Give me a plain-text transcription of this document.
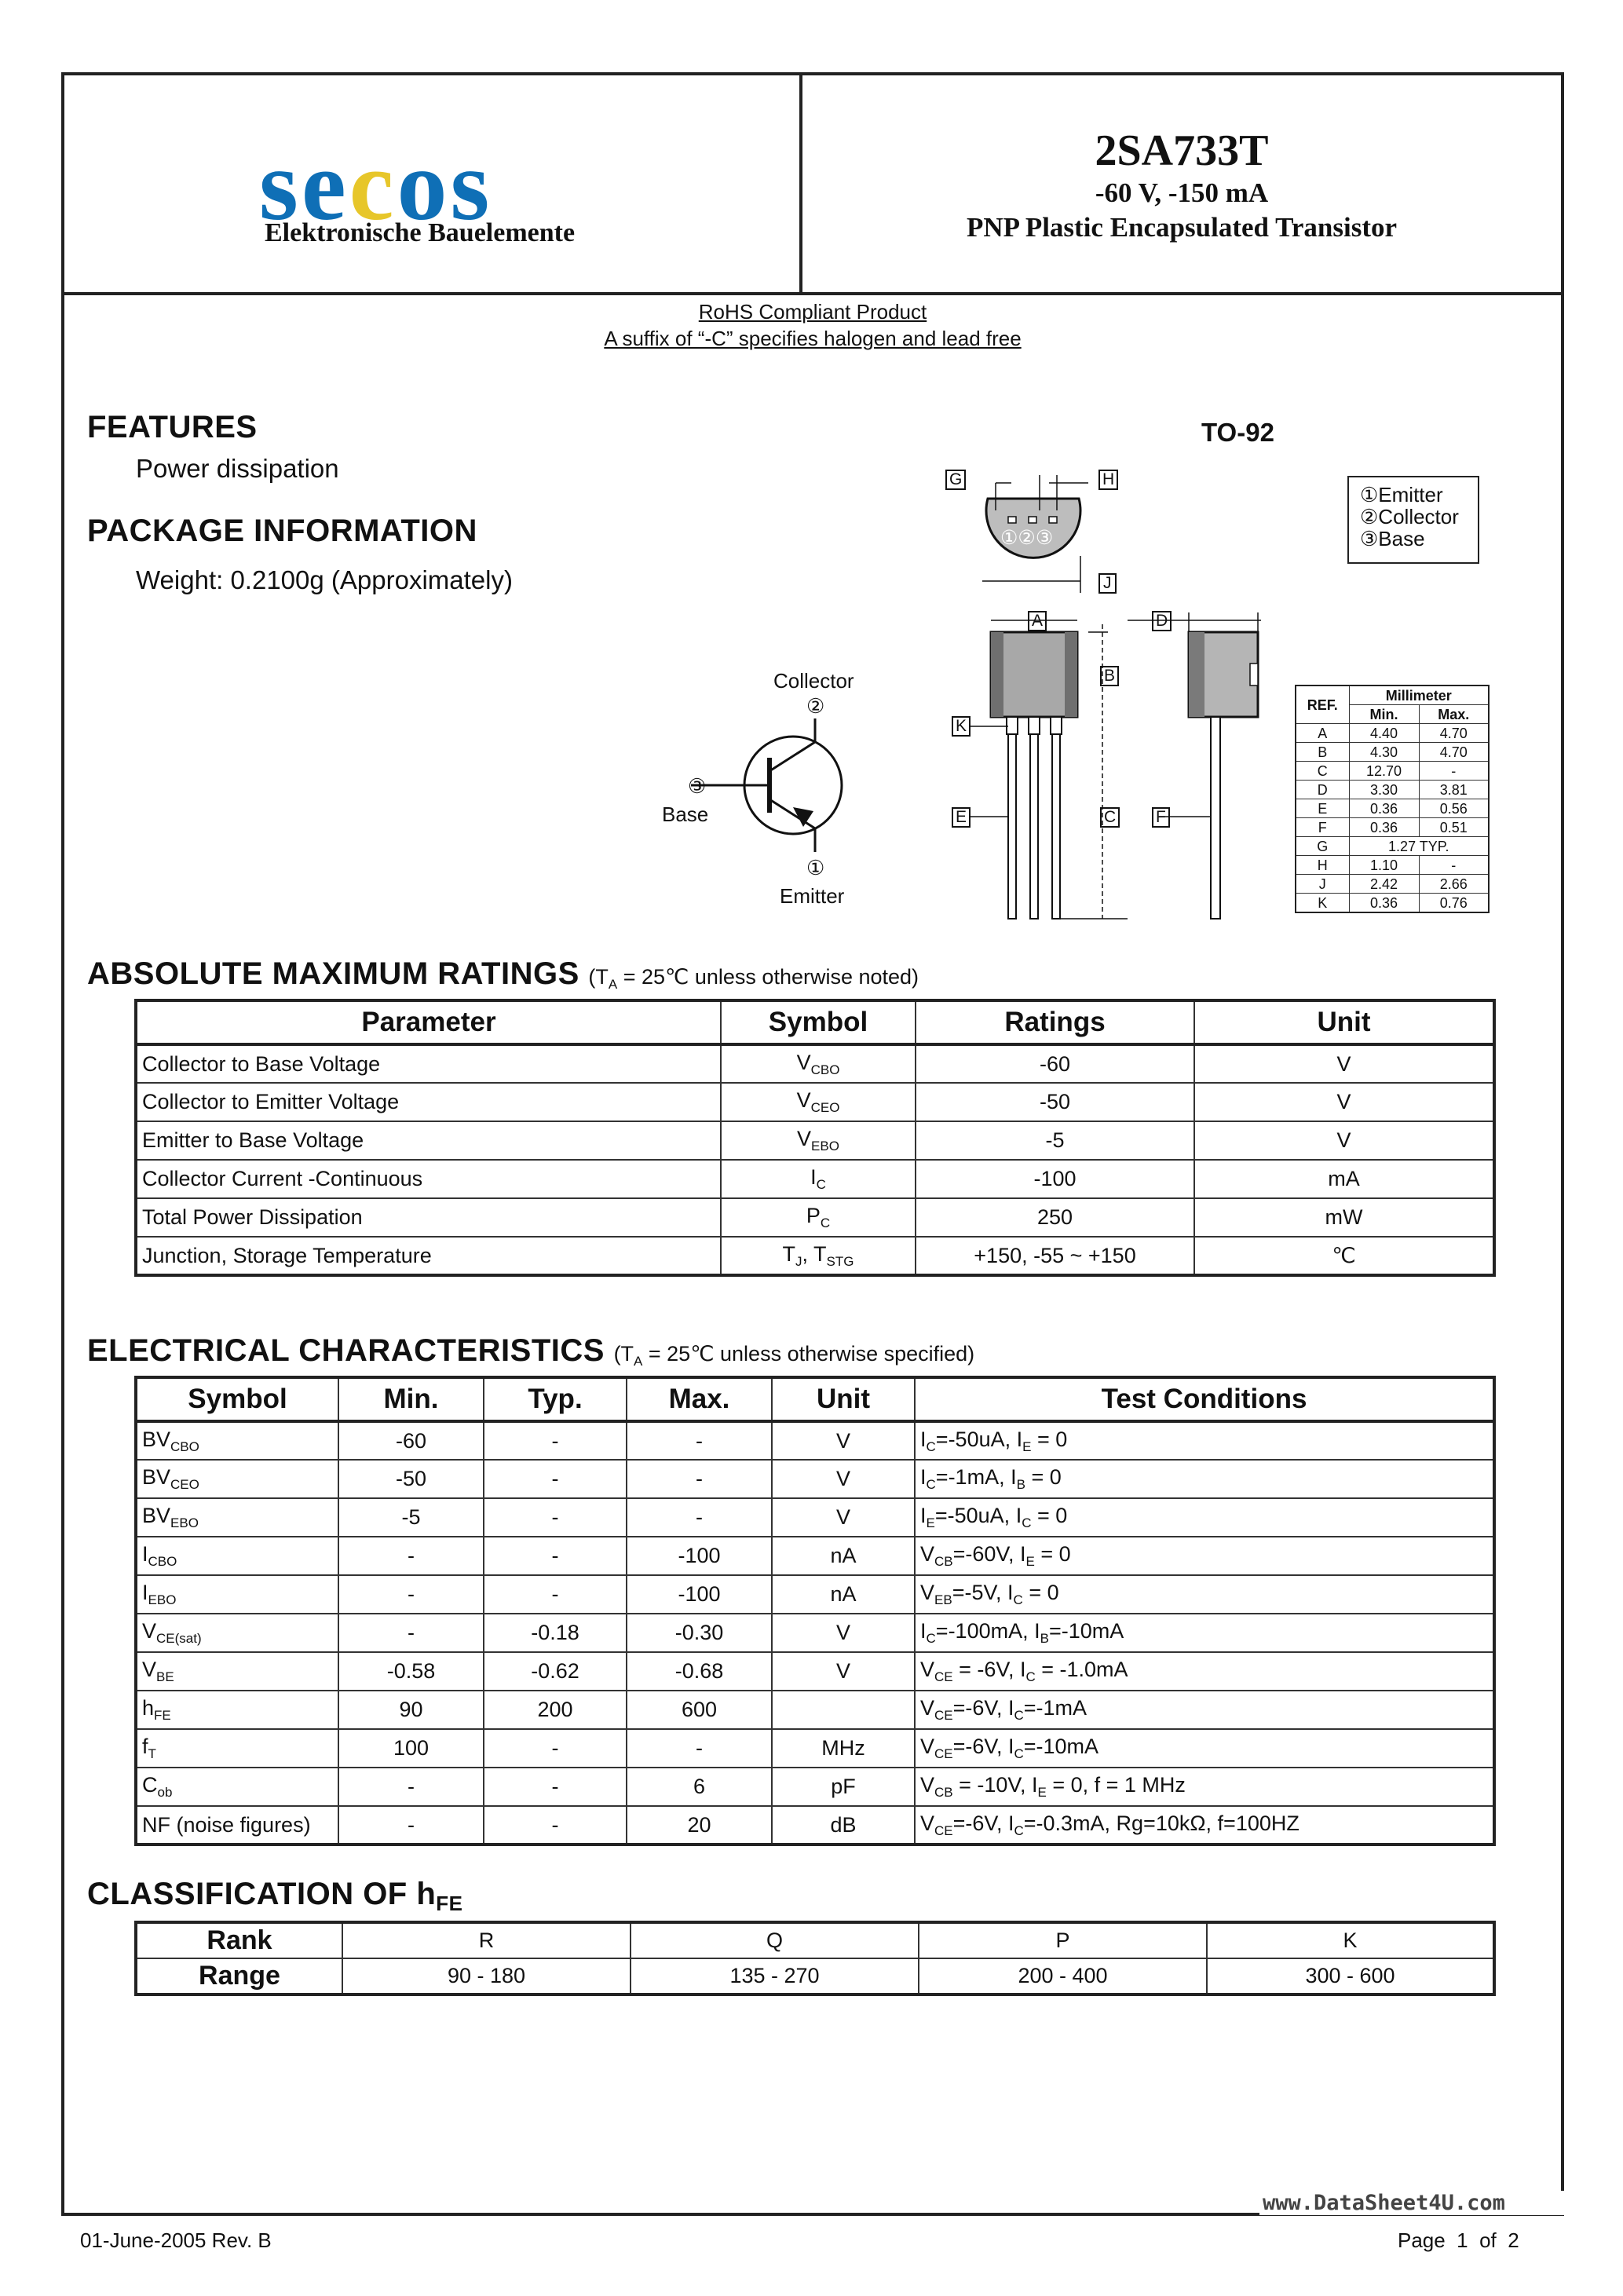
secos
Elektronische Bauelemente
2SA733T
-60 V, -150 mA
PNP Plastic Encapsulated Transistor
RoHS Compliant Product
A suffix of “-C” specifies halogen and lead free
FEATURES
Power dissipation
PACKAGE INFORMATION
Weight: 0.2100g (Approximately)
TO-92
Collector
②
③
Base
①
Emitter
G	H
①②③
J
A	D
B
K
E	C F
①Emitter
②Collector
③Base
REF.	Millimeter	
	Min.	Max.
A	4.40	4.70
B	4.30	4.70
C	12.70	-
D	3.30	3.81
E	0.36	0.56
F	0.36	0.51
G	1.27 TYP.	
H	1.10	-
J	2.42	2.66
K	0.36	0.76
ABSOLUTE MAXIMUM RATINGS ($T_A$ = 25℃ unless otherwise noted)
Parameter	Symbol	Ratings	Unit
Collector to Base Voltage	$V_{CBO}$	-60	V
Collector to Emitter Voltage	$V_{CEO}$	-50	V
Emitter to Base Voltage	$V_{EBO}$	-5	V
Collector Current -Continuous	$I_C$	-100	mA
Total Power Dissipation	$P_C$	250	mW
Junction, Storage Temperature	$T_J$, $T_{STG}$	+150, -55 ~ +150	℃
ELECTRICAL CHARACTERISTICS ($T_A$ = 25℃ unless otherwise specified)
Symbol	Min.	Typ.	Max.	Unit	Test Conditions
$BV_{CBO}$	-60	-	-	V	$I_C=-50uA$, $I_E = 0$
$BV_{CEO}$	-50	-	-	V	$I_C=-1mA$, $I_B = 0$
$BV_{EBO}$	-5	-	-	V	$I_E=-50uA$, $I_C = 0$
$I_{CBO}$	-	-	-100	nA	$V_{CB}=-60V$, $I_E = 0$
$I_{EBO}$	-	-	-100	nA	$V_{EB}=-5V$, $I_C = 0$
$V_{CE(sat)}$	-	-0.18	-0.30	V	$I_C=-100mA$, $I_B=-10mA$
$V_{BE}$	-0.58	-0.62	-0.68	V	$V_{CE} = -6V$, $I_C = -1.0mA$
$h_{FE}$	90	200	600		$V_{CE}=-6V$, $I_C=-1mA$
$f_T$	100	-	-	MHz	$V_{CE}=-6V$, $I_C=-10mA$
$C_{ob}$	-	-	6	pF	$V_{CB} = -10V$, $I_E = 0$, f = 1 MHz
NF (noise figures)	-	-	20	dB	$V_{CE}=-6V$, $I_C=-0.3mA$, Rg=10kΩ, f=100HZ
CLASSIFICATION OF $h_{FE}$
Rank	R	Q	P	K
Range	90 - 180	135 - 270	200 - 400	300 - 600
www.DataSheet4U.com
01-June-2005 Rev. B	Page  1  of  2
